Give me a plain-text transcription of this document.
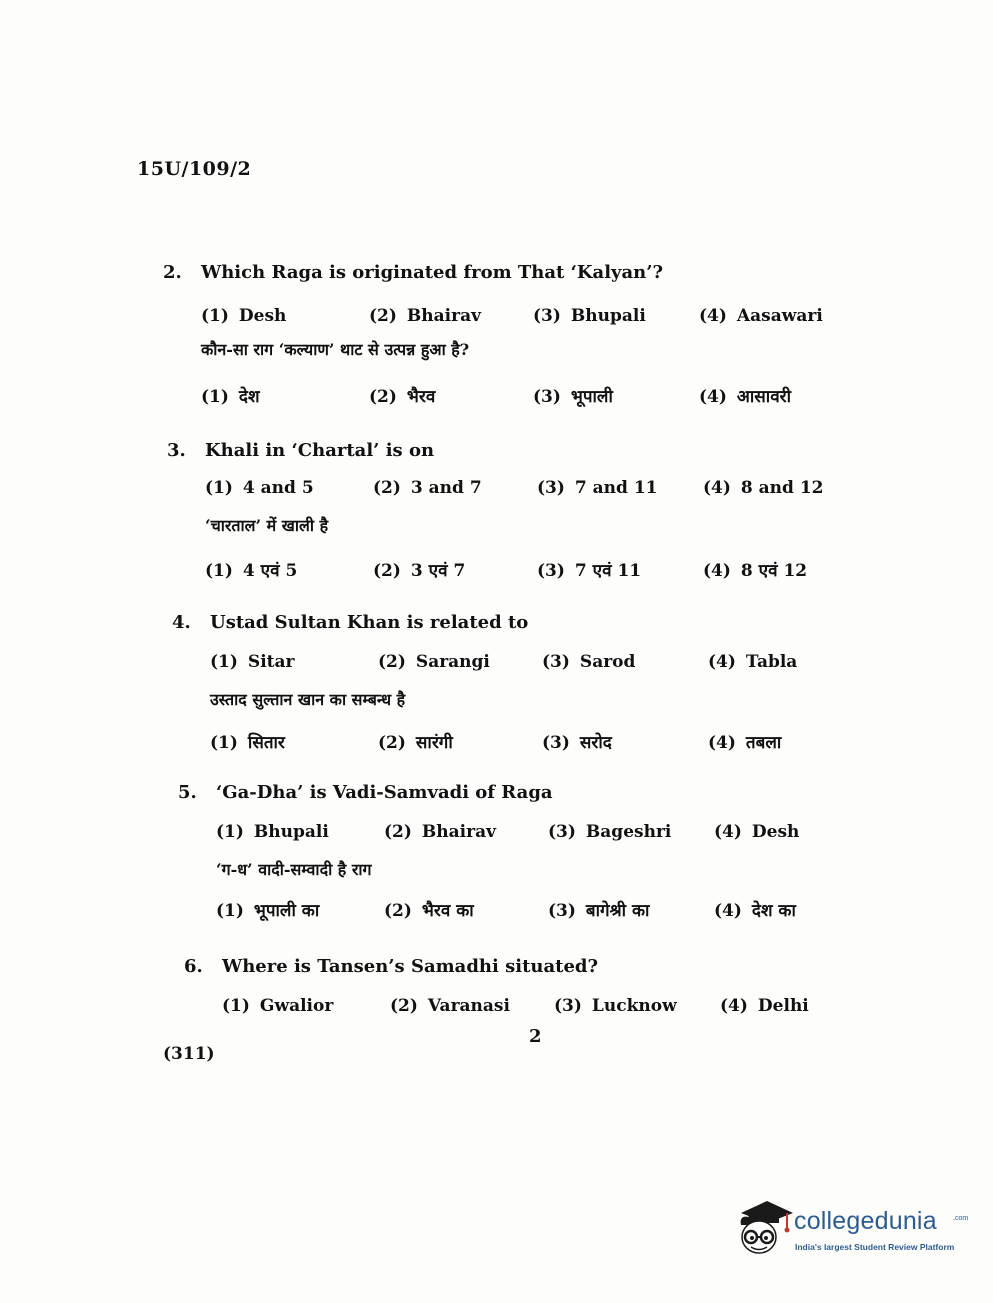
15U/109/2
2. Which Raga is originated from That ‘Kalyan’?
(1) Desh	(2) Bhairav	(3) Bhupali	(4) Aasawari
कौन-सा राग ‘कल्याण’ थाट से उत्पन्न हुआ है?
(1) देश	(2) भैरव	(3) भूपाली	(4) आसावरी
3. Khali in ‘Chartal’ is on
(1) 4 and 5	(2) 3 and 7	(3) 7 and 11	(4) 8 and 12
‘चारताल’ में खाली है
(1) 4 एवं 5	(2) 3 एवं 7	(3) 7 एवं 11	(4) 8 एवं 12
4. Ustad Sultan Khan is related to
(1) Sitar	(2) Sarangi	(3) Sarod	(4) Tabla
उस्ताद सुल्तान खान का सम्बन्ध है
(1) सितार	(2) सारंगी	(3) सरोद	(4) तबला
5. ‘Ga-Dha’ is Vadi-Samvadi of Raga
(1) Bhupali	(2) Bhairav	(3) Bageshri	(4) Desh
‘ग-ध’ वादी-सम्वादी है राग
(1) भूपाली का	(2) भैरव का	(3) बागेश्री का	(4) देश का
6. Where is Tansen’s Samadhi situated?
(1) Gwalior	(2) Varanasi	(3) Lucknow	(4) Delhi
2
(311)
collegedunia .com
India's largest Student Review Platform
